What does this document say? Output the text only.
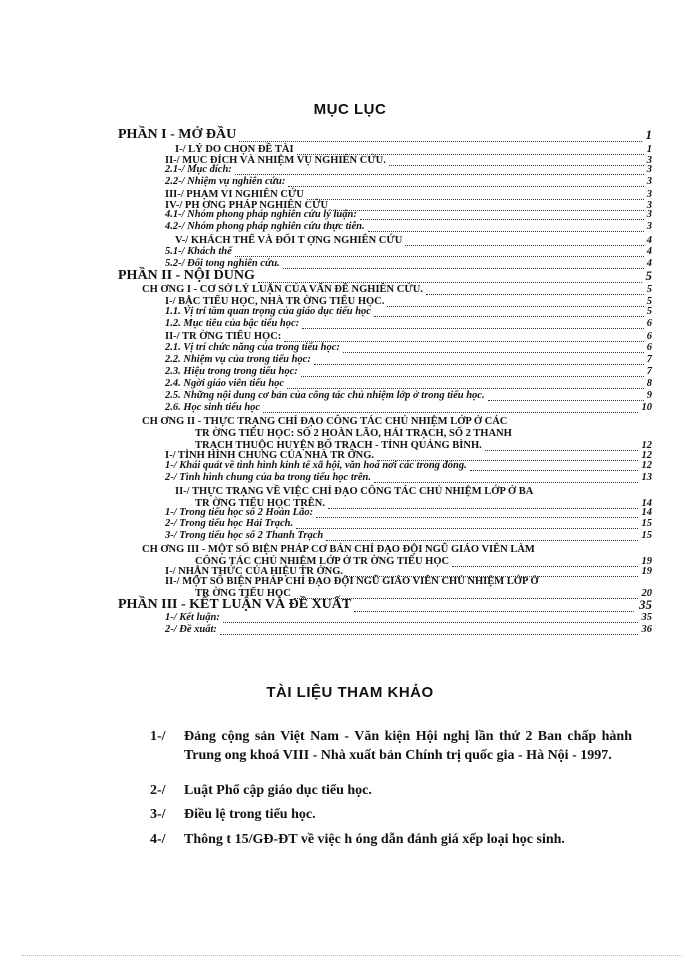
MỤC LỤC
PHẦN I - MỞ ĐẦU	1
I-/ LÝ DO CHỌN ĐỀ TÀI	1
II-/ MỤC ĐÍCH VÀ NHIỆM VỤ NGHIÊN CỨU.	3
2.1-/ Mục đích:	3
2.2-/ Nhiệm vụ nghiên cứu:	3
III-/ PHẠM VI NGHIÊN CỨU	3
IV-/ PH ƠNG PHÁP NGHIÊN CỨU	3
4.1-/ Nhóm phong pháp nghiên cứu lý luận:	3
4.2-/ Nhóm phong pháp nghiên cứu thực tiễn.	3
V-/ KHÁCH THỂ VÀ ĐỐI T ỢNG NGHIÊN CỨU	4
5.1-/ Khách thể	4
5.2-/ Đối tong nghiên cứu.	4
PHẦN II - NỘI DUNG	5
CH ƠNG I - CƠ SỞ LÝ LUẬN CỦA VẤN ĐỀ NGHIÊN CỨU.	5
I-/ BẬC TIỂU HỌC, NHÀ TR ỜNG TIỂU HỌC.	5
1.1. Vị trí tầm quan trọng của giáo dục tiểu học	5
1.2. Mục tiêu của bậc tiểu học:	6
II-/ TR ỜNG TIỂU HỌC:	6
2.1. Vị trí chức năng của trong tiểu học:	6
2.2. Nhiệm vụ của trong tiểu học:	7
2.3. Hiệu trong trong tiểu học:	7
2.4. Ngời giáo viên tiểu học	8
2.5. Những nội dung cơ bản của công tác chủ nhiệm lớp ở trong tiểu học.	9
2.6. Học sinh tiểu học	10
CH ƠNG II - THỰC TRẠNG CHỈ ĐẠO CÔNG TÁC CHỦ NHIỆM LỚP Ở CÁC
TR ỜNG TIỂU HỌC: SỐ 2 HOÀN LÃO, HẢI TRẠCH, SỐ 2 THANH
TRẠCH THUỘC HUYỆN BỐ TRẠCH - TỈNH QUẢNG BÌNH.	12
I-/ TÌNH HÌNH CHUNG CỦA NHÀ TR ỜNG.	12
1-/ Khái quát về tình hình kinh tế xã hội, văn hoá nơi các trong đóng.	12
2-/ Tình hình chung của ba trong tiểu học trên.	13
II-/ THỰC TRẠNG VỀ VIỆC CHỈ ĐẠO CÔNG TÁC CHỦ NHIỆM LỚP Ở BA
TR ỜNG TIỂU HỌC TRÊN.	14
1-/ Trong tiểu học số 2 Hoàn Lão:	14
2-/ Trong tiểu học Hải Trạch.	15
3-/ Trong tiểu học số 2 Thanh Trạch	15
CH ƠNG III - MỘT SỐ BIỆN PHÁP CƠ BẢN CHỈ ĐẠO ĐỘI NGŨ GIÁO VIÊN LÀM
CÔNG TÁC CHỦ NHIỆM LỚP Ở TR ỜNG TIỂU HỌC	19
I-/ NHẬN THỨC CỦA HIỆU TR ỞNG.	19
II-/ MỘT SỐ BIỆN PHÁP CHỈ ĐẠO ĐỘI NGŨ GIÁO VIÊN CHỦ NHIỆM LỚP Ở
TR ỜNG TIỂU HỌC	20
PHẦN III - KẾT LUẬN VÀ ĐỀ XUẤT	35
1-/ Kết luận:	35
2-/ Đề xuất:	36
TÀI LIỆU THAM KHẢO
1-/	Đảng cộng sản Việt Nam - Văn kiện Hội nghị lần thứ 2 Ban chấp hành Trung ong khoá VIII - Nhà xuất bản Chính trị quốc gia - Hà Nội - 1997.
2-/	Luật Phổ cập giáo dục tiểu học.
3-/	Điều lệ trong tiểu học.
4-/	Thông t 15/GĐ-ĐT về việc h óng dẫn đánh giá xếp loại học sinh.
